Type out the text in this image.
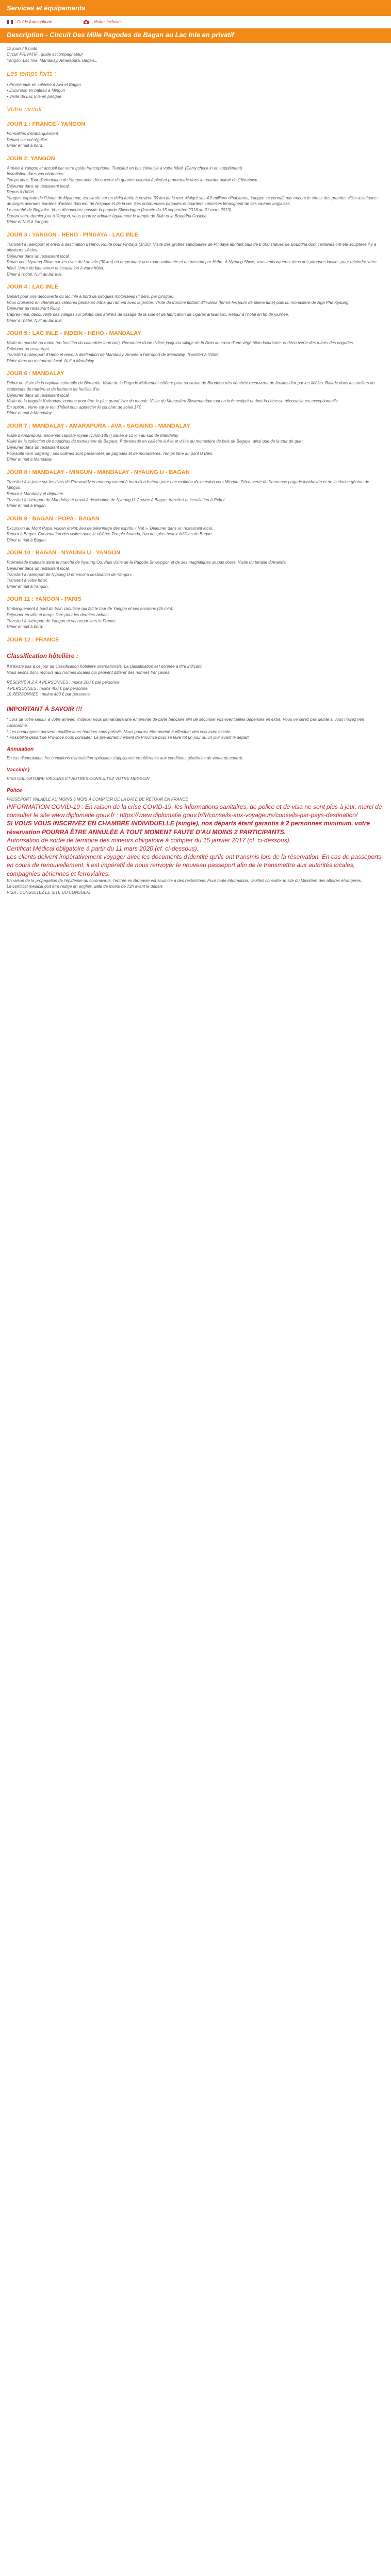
Services et équipements
Guide francophone	Visites incluses
Description - Circuit Des Mille Pagodes de Bagan au Lac Inle en privatif

12 jours / 9 nuits

Circuit PRIVATIF , guide accompagnateur

Yangon, Lac Inle, Mandalay, Amarapura, Bagan...

Les temps forts :

• Promenade en calèche à Ava et Bagan

• Excursion en bateau à Mingun

• Visite du Lac Inle en pirogue

Votre circuit :
JOUR 1 : FRANCE - YANGON

Formalités d'embarquement.

Départ sur vol régulier.

Dîner et nuit à bord.

JOUR 2: YANGON

Arrivée à Yangon et accueil par votre guide francophone. Transfert en bus climatisé à votre hôtel. (Carry check in en supplément)

Installation dans vos chambres.

Temps libre. Tour d'orientation de Yangon avec découverte du quartier colonial à pied et promenade dans le quartier animé de Chinatown.

Déjeuner dans un restaurant local.

Repos à l'hôtel.

Yangon, capitale de l'Union de Myanmar, est située sur un delta fertile à environ 30 km de la mer. Malgré ses 4,5 millions d'habitants, Yangon se connaît pas encore le stress des grandes villes asiatiques : de larges avenues bordées d'arbres donnent de l'espace et de la vie. Ses nombreuses pagodes et quartiers colonisés témoignent de ses racines anglaises.

Le marché de Bogyoke. Vous découvrirez ensuite la pagode Shwedagon (fermée du 15 septembre 2018 au 31 mars 2019).

Durant votre dernier jour à Yangon, vous pourrez admirer également le temple de Sule et le Bouddha Couché.

Dîner et Nuit à Yangon.

JOUR 3 : YANGON - HEHO - PINDAYA - LAC INLE

Transfert à l'aéroport et envol à destination d'Heho. Route pour Pindaya (1h30). Visite des grottes sanctuaires de Pindaya abritant plus de 8 000 statues de Bouddha dont certaines ont été sculptées il y a plusieurs siècles.

Déjeuner dans un restaurant local.

Route vers Nyaung Shwe sur les rives du Lac Inle (30 km) en empruntant une route vallonnée et en passant par Heho. À Nyaung Shwe, vous embarquerez dans des pirogues locales pour rejoindre votre hôtel. Verre de bienvenue et installation à votre hôtel.

Dîner à l'hôtel. Nuit au lac Inle.

JOUR 4 : LAC INLE

Départ pour une découverte du lac Inle à bord de pirogues motorisées (4 pers. par pirogue).

Vous croiserez en chemin les célèbres pêcheurs Intha qui rament avec la jambe. Visite du marché flottant d'Ywama (fermé les jours de pleine lune) puis du monastère de Nga Phe Kyaung.

Déjeuner au restaurant Ruby.

L'après-midi, découverte des villages sur pilotis, des ateliers de tissage de la soie et de fabrication de cigares artisanaux. Retour à l'hôtel en fin de journée.

Dîner à l'hôtel. Nuit au lac Inle.

JOUR 5 : LAC INLE - INDEIN - HEHO - MANDALAY

Visite du marché au matin (en fonction du calendrier tournant). Remontée d'une rivière jusqu'au village de In Dein au cœur d'une végétation luxuriante, et découverte des ruines des pagodes.

Déjeuner au restaurant.

Transfert à l'aéroport d'Heho et envol à destination de Mandalay. Arrivée à l'aéroport de Mandalay. Transfert à l'hôtel.

Dîner dans un restaurant local. Nuit à Mandalay.

JOUR 6 : MANDALAY

Début de visite de la capitale culturelle de Birmanie. Visite de la Pagode Mahamuni célèbre pour sa statue de Bouddha très vénérée recouverte de feuilles d'or par les fidèles. Balade dans les ateliers de sculpteurs de marbre et de batteurs de feuilles d'or.

Déjeuner dans un restaurant local.

Visite de la pagode Kuthodaw, connue pour être le plus grand livre du monde. Visite du Monastère Shwenandaw tout en bois sculpté et dont la richesse décorative est exceptionnelle.

En option : Verre sur le toit d'hôtel pour apprécier le coucher de soleil 17€

Dîner et nuit à Mandalay.

JOUR 7 : MANDALAY - AMARAPURA - AVA - SAGAING - MANDALAY

Visite d'Amarapura, ancienne capitale royale (1782-1857) située à 12 km au sud de Mandalay.

Visite de la collection de bouddhas du monastère de Bagaya. Promenade en calèche à Ava et visite du monastère de bois de Bagaya, ainsi que de la tour de guet.

Déjeuner dans un restaurant local.

Poursuite vers Sagaing : ses collines sont parsemées de pagodes et de monastères. Temps libre au pont U Bein.

Dîner et nuit à Mandalay.

JOUR 8 : MANDALAY - MINGUN - MANDALAY - NYAUNG U - BAGAN

Transfert à la jetée sur les rives de l'Irrawaddy et embarquement à bord d'un bateau pour une matinée d'excursion vers Mingun. Découverte de l'immense pagode inachevée et de la cloche géante de Mingun.

Retour à Mandalay et déjeuner.

Transfert à l'aéroport de Mandalay et envol à destination de Nyaung U. Arrivée à Bagan, transfert et installation à l'hôtel.

Dîner et nuit à Bagan.

JOUR 9 : BAGAN - POPA - BAGAN

Excursion au Mont Popa, volcan éteint, lieu de pèlerinage des esprits « Nat ». Déjeuner dans un restaurant local.

Retour à Bagan. Continuation des visites avec le célèbre Temple Ananda, l'un des plus beaux édifices de Bagan.

Dîner et nuit à Bagan.

JOUR 10 : BAGAN - NYAUNG U - YANGON

Promenade matinale dans le marché de Nyaung Oo. Puis visite de la Pagode Shwezigon et de ses magnifiques stupas dorés. Visite du temple d'Ananda.

Déjeuner dans un restaurant local.

Transfert à l'aéroport de Nyaung U et envol à destination de Yangon.

Transfert à votre hôtel.

Dîner et nuit à Yangon.

JOUR 11 : YANGON - PARIS

Embarquement à bord du train circulaire qui fait le tour de Yangon et ses environs (45 min).

Déjeuner en ville et temps libre pour les derniers achats.

Transfert à l'aéroport de Yangon et vol retour vers la France.

Dîner et nuit à bord.

JOUR 12 : FRANCE
Classification hôtelière :

Il n'existe pas à ce jour de classification hôtelière internationale. La classification est donnée à titre indicatif.

Nous avons donc recours aux normes locales qui peuvent différer des normes françaises.

RÉSERVÉ À 2 À 4 PERSONNES : moins 200 € par personne

4 PERSONNES : moins 400 € par personne

10 PERSONNES : moins 480 € par personne

IMPORTANT À SAVOIR !!!

* Lors de votre séjour, à votre arrivée, l'hôtelier vous demandera une empreinte de carte bancaire afin de sécuriser vos éventuelles dépenses en extra. Vous ne serez pas débité si vous n'avez rien consommé.

* Les compagnies peuvent modifier leurs horaires sans préavis. Vous pourrez être amené à effectuer des vols avec escale.

* Possibilité départ de Province nous consulter. Le pré-acheminement de Province pour se faire tôt un jour ou un jour avant le départ.

Annulation

En cas d'annulation, les conditions d'annulation spéciales s'appliquent en référence aux conditions générales de vente du contrat.

Vaccin(s)

VISA OBLIGATOIRE VACCINS ET AUTRES CONSULTEZ VOTRE MEDECIN

Police

PASSEPORT VALABLE AU MOINS 6 MOIS À COMPTER DE LA DATE DE RETOUR EN FRANCE

INFORMATION COVID-19 : En raison de la crise COVID-19, les informations sanitaires, de police et de visa ne sont plus à jour, merci de consulter le site www.diplomatie.gouv.fr : https://www.diplomatie.gouv.fr/fr/conseils-aux-voyageurs/conseils-par-pays-destination/

SI VOUS VOUS INSCRIVEZ EN CHAMBRE INDIVIDUELLE (single), nos départs étant garantis à 2 personnes minimum, votre réservation POURRA ÊTRE ANNULÉE À TOUT MOMENT FAUTE D'AU MOINS 2 PARTICIPANTS.

Autorisation de sortie de territoire des mineurs obligatoire à compter du 15 janvier 2017 (cf. ci-dessous).

Certificat Médical obligatoire à partir du 11 mars 2020 (cf. ci-dessous).

Les clients doivent impérativement voyager avec les documents d'identité qu'ils ont transmis lors de la réservation. En cas de passeports en cours de renouvellement, il est impératif de nous renvoyer le nouveau passeport afin de le transmettre aux autorités locales, compagnies aériennes et ferroviaires.

En raison de la propagation de l'épidémie du coronavirus, l'entrée en Birmanie est soumise à des restrictions. Pour toute information, veuillez consulter le site du Ministère des affaires étrangères.

Le certificat médical doit être rédigé en anglais, daté de moins de 72h avant le départ.

VISA : CONSULTEZ LE SITE DU CONSULAT
